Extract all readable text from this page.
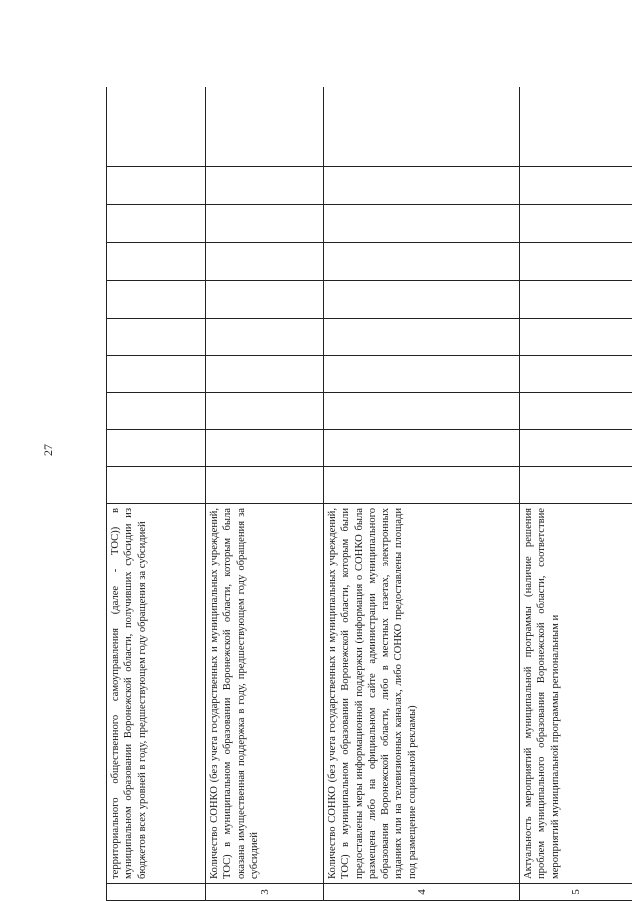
27
	территориального общественного самоуправления (далее - ТОС)) в муниципальном образовании Воронежской области, получивших субсидии из бюджетов всех уровней в году, предшествующем году обращения за субсидией										
3	Количество СОНКО (без учета государственных и муниципальных учреждений, ТОС) в муниципальном образовании Воронежской области, которым была оказана имущественная поддержка в году, предшествующем году обращения за субсидией										
4	Количество СОНКО (без учета государственных и муниципальных учреждений, ТОС) в муниципальном образовании Воронежской области, которым были предоставлены меры информационной поддержки (информация о СОНКО была размещена либо на официальном сайте администрации муниципального образования Воронежской области, либо в местных газетах, электронных изданиях или на телевизионных каналах, либо СОНКО предоставлены площади под размещение социальной рекламы)										
5	Актуальность мероприятий муниципальной программы (наличие решения проблем муниципального образования Воронежской области, соответствие мероприятий муниципальной программы региональным и										
